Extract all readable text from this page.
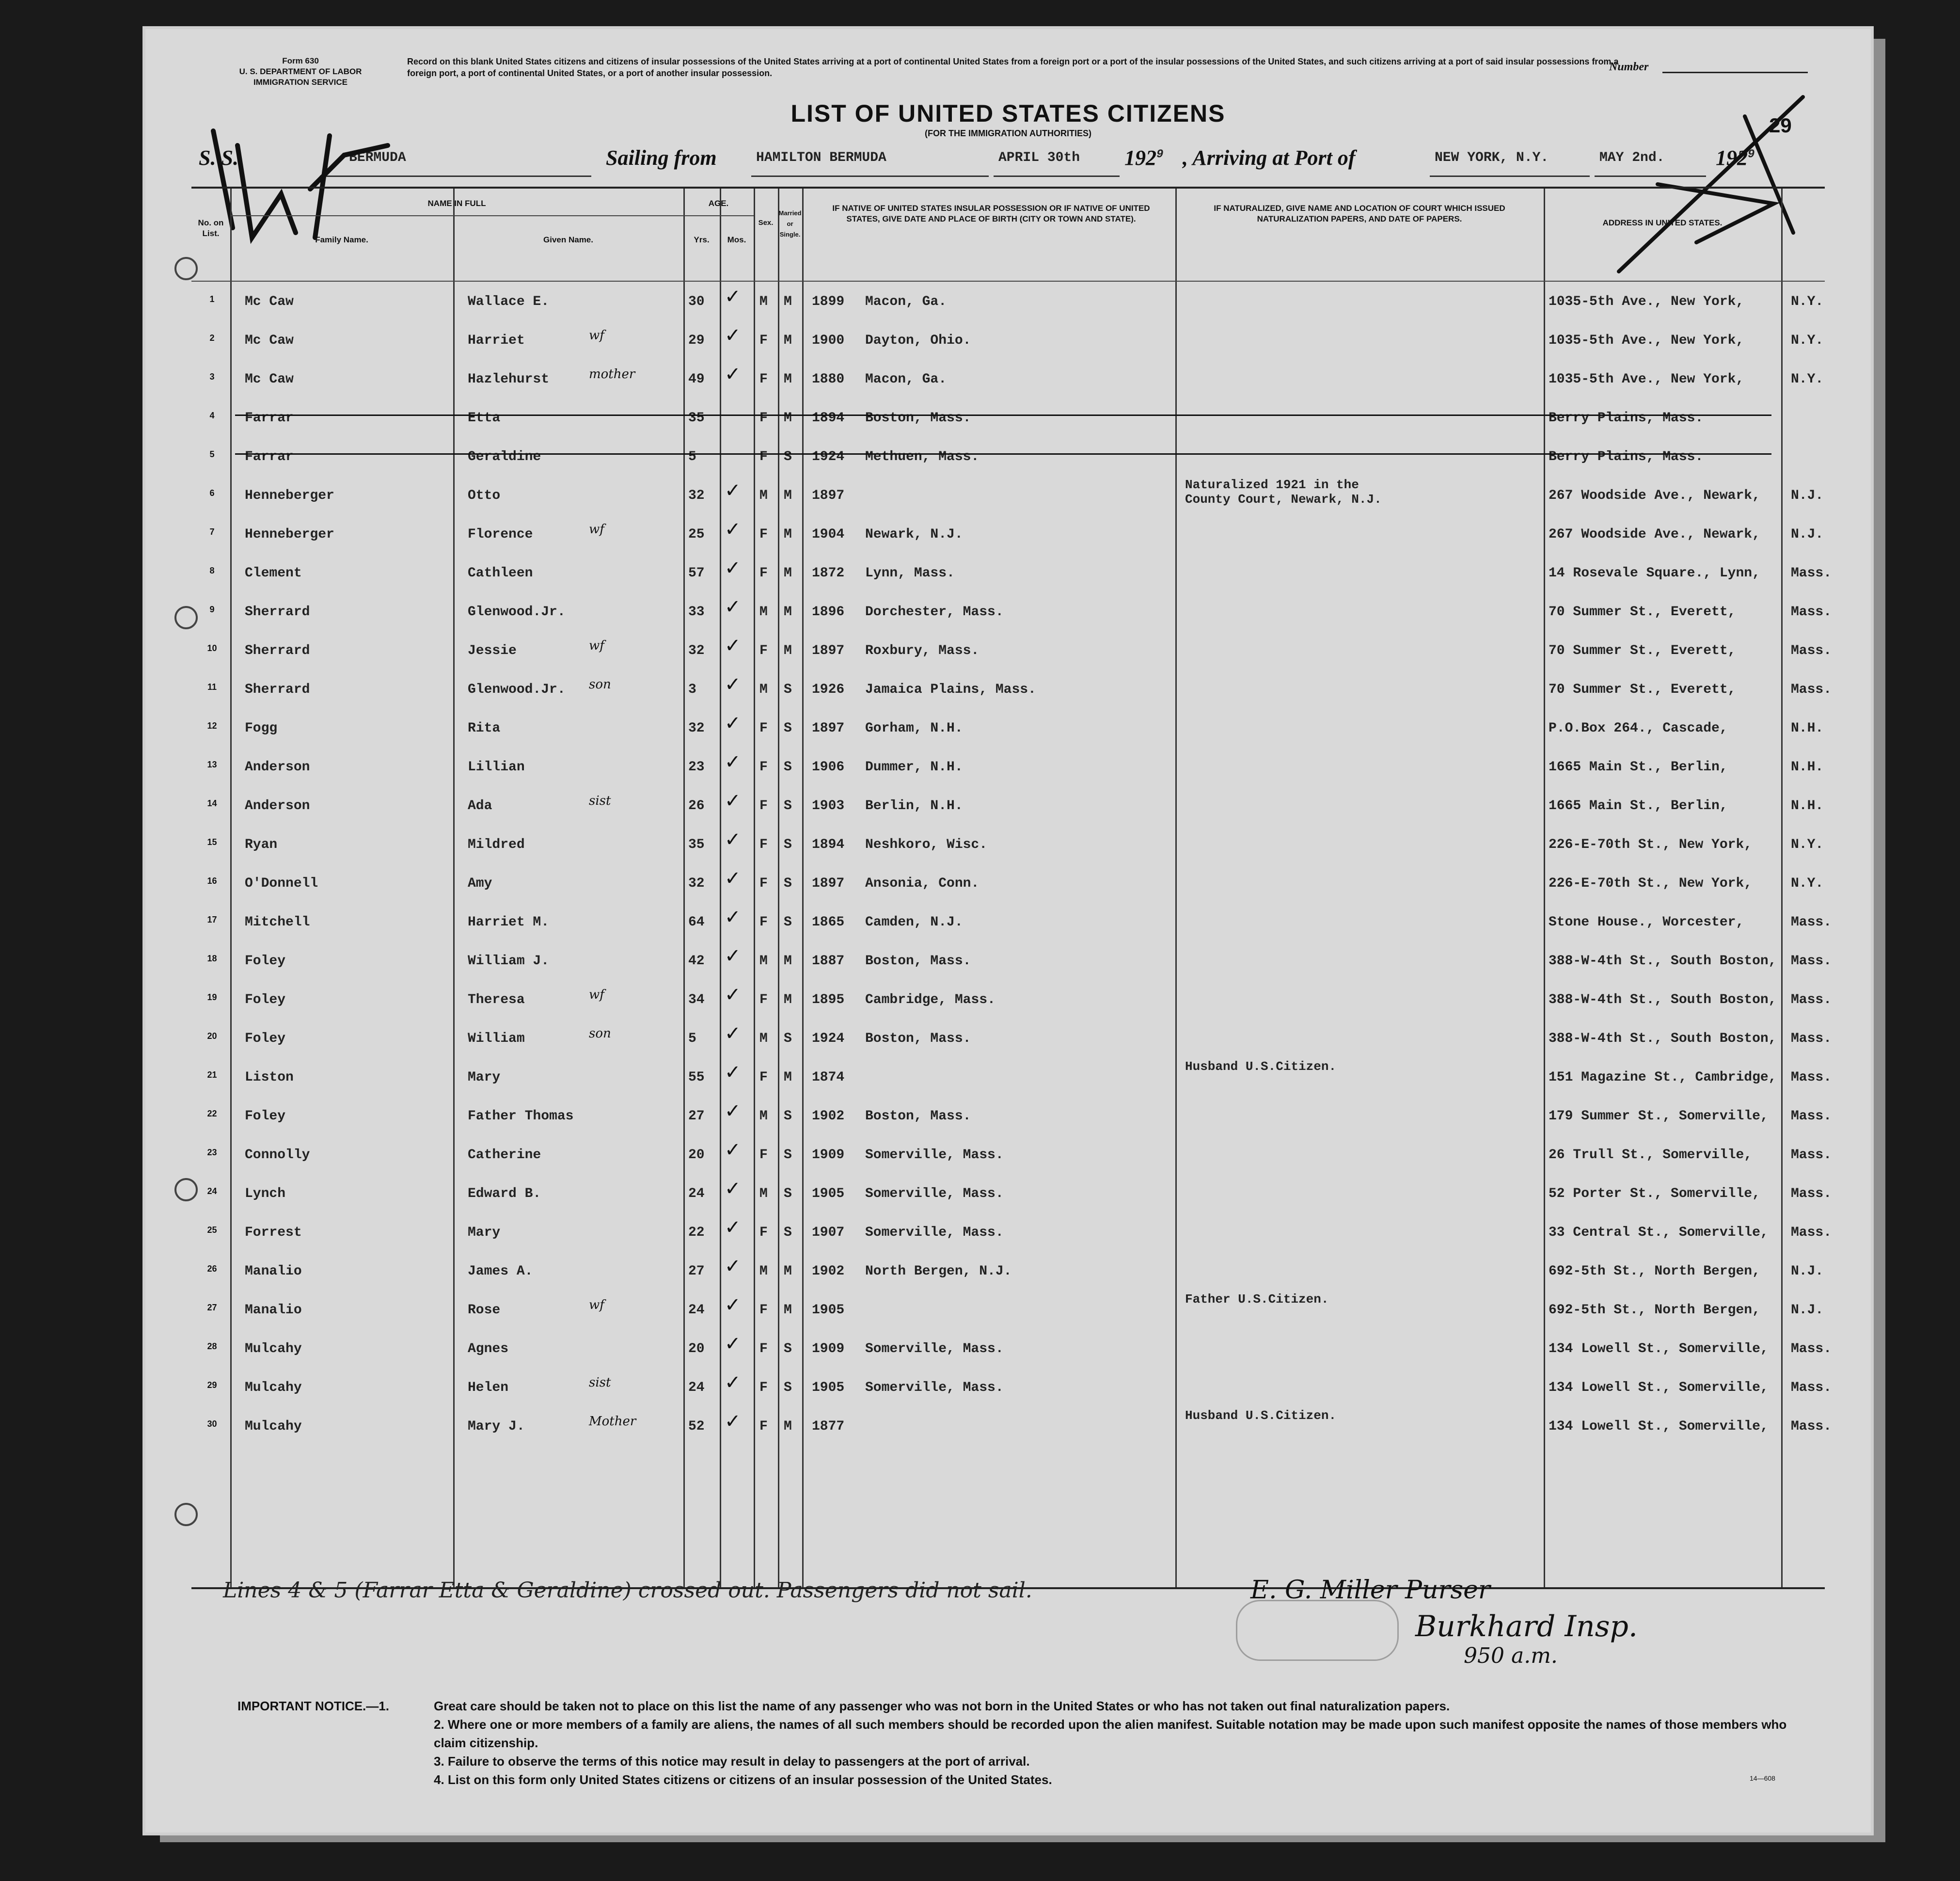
Form 630
U. S. DEPARTMENT OF LABOR
IMMIGRATION SERVICE
Record on this blank United States citizens and citizens of insular possessions of the United States arriving at a port of continental United States from a foreign port or a port of the insular possessions of the United States, and such citizens arriving at a port of said insular possessions from a foreign port, a port of continental United States, or a port of another insular possession.	Number
LIST OF UNITED STATES CITIZENS
(FOR THE IMMIGRATION AUTHORITIES)	29
S. S.	BERMUDA	Sailing from	HAMILTON BERMUDA	APRIL 30th $192^9$ , Arriving at Port of	NEW YORK, N.Y.	MAY 2nd. $192^9$
No. on List.
NAME IN FULL
Family Name.	Given Name.
AGE.
Yrs.	Mos.
Sex.
Married or Single.
IF NATIVE OF UNITED STATES INSULAR POSSESSION OR IF NATIVE OF UNITED STATES, GIVE DATE AND PLACE OF BIRTH (CITY OR TOWN AND STATE).
IF NATURALIZED, GIVE NAME AND LOCATION OF COURT WHICH ISSUED NATURALIZATION PAPERS, AND DATE OF PAPERS.	ADDRESS IN UNITED STATES.
1	Mc Caw	Wallace E.	30	M M 1899 Macon, Ga.	1035-5th Ave., New York,	N.Y.
✓
2	Mc Caw	Harriet	wf	29	F M 1900 Dayton, Ohio.	1035-5th Ave., New York,	N.Y.
✓
3	Mc Caw	Hazlehurst	mother	49	F M 1880 Macon, Ga.	1035-5th Ave., New York,	N.Y.
✓
4	Farrar	Etta	35	F M 1894 Boston, Mass.	Berry Plains, Mass.
5	Farrar	Geraldine	5	F S 1924 Methuen, Mass.	Berry Plains, Mass.
6	Henneberger	Otto	32	M M 1897
Naturalized 1921 in the County Court, Newark, N.J.	267 Woodside Ave., Newark, N.J.
✓
7	Henneberger	Florence	wf	25	F M 1904 Newark, N.J.	267 Woodside Ave., Newark, N.J.
✓
8	Clement	Cathleen	57	F M 1872 Lynn, Mass.	14 Rosevale Square., Lynn, Mass.
✓
9	Sherrard	Glenwood.Jr.	33	M M 1896 Dorchester, Mass.	70 Summer St., Everett,	Mass.
✓
10	Sherrard	Jessie	wf	32	F M 1897 Roxbury, Mass.	70 Summer St., Everett,	Mass.
✓
11	Sherrard	Glenwood.Jr. son	3	M S 1926 Jamaica Plains, Mass.	70 Summer St., Everett,	Mass.
✓
12	Fogg	Rita	32	F S 1897 Gorham, N.H.	P.O.Box 264., Cascade,	N.H.
✓
13	Anderson	Lillian	23	F S 1906 Dummer, N.H.	1665 Main St., Berlin,	N.H.
✓
14	Anderson	Ada	sist	26	F S 1903 Berlin, N.H.	1665 Main St., Berlin,	N.H.
✓
15	Ryan	Mildred	35	F S 1894 Neshkoro, Wisc.	226-E-70th St., New York,	N.Y.
✓
16	O'Donnell	Amy	32	F S 1897 Ansonia, Conn.	226-E-70th St., New York,	N.Y.
✓
17	Mitchell	Harriet M.	64	F S 1865 Camden, N.J.	Stone House., Worcester,	Mass.
✓
18	Foley	William J.	42	M M 1887 Boston, Mass.	388-W-4th St., South Boston, Mass.
✓
19	Foley	Theresa	wf	34	F M 1895 Cambridge, Mass.	388-W-4th St., South Boston, Mass.
✓
20	Foley	William	son	5	M S 1924 Boston, Mass.	388-W-4th St., South Boston, Mass.
✓
21	Liston	Mary	55	F M 1874
Husband U.S.Citizen.
151 Magazine St., Cambridge, Mass.
✓
22	Foley	Father Thomas	27	M S 1902 Boston, Mass.	179 Summer St., Somerville, Mass.
✓
23	Connolly	Catherine	20	F S 1909 Somerville, Mass.	26 Trull St., Somerville,	Mass.
✓
24	Lynch	Edward B.	24	M S 1905 Somerville, Mass.	52 Porter St., Somerville, Mass.
✓
25	Forrest	Mary	22	F S 1907 Somerville, Mass.	33 Central St., Somerville, Mass.
✓
26	Manalio	James A.	27	M M 1902 North Bergen, N.J.	692-5th St., North Bergen, N.J.
✓
27	Manalio	Rose	wf	24	F M 1905
Father U.S.Citizen.
692-5th St., North Bergen, N.J.
✓
28	Mulcahy	Agnes	20	F S 1909 Somerville, Mass.	134 Lowell St., Somerville, Mass.
✓
29	Mulcahy	Helen	sist	24	F S 1905 Somerville, Mass.	134 Lowell St., Somerville, Mass.
✓
30	Mulcahy	Mary J.	Mother	52	F M 1877
Husband U.S.Citizen.
134 Lowell St., Somerville, Mass.
✓
Lines 4 & 5 (Farrar Etta & Geraldine) crossed out. Passengers did not sail.	E. G. Miller Purser
Burkhard Insp.
950 a.m.
IMPORTANT NOTICE.—1.	Great care should be taken not to place on this list the name of any passenger who was not born in the United States or who has not taken out final naturalization papers.
2. Where one or more members of a family are aliens, the names of all such members should be recorded upon the alien manifest. Suitable notation may be made upon such manifest opposite the names of those members who claim citizenship.
3. Failure to observe the terms of this notice may result in delay to passengers at the port of arrival.
4. List on this form only United States citizens or citizens of an insular possession of the United States.	14—608
